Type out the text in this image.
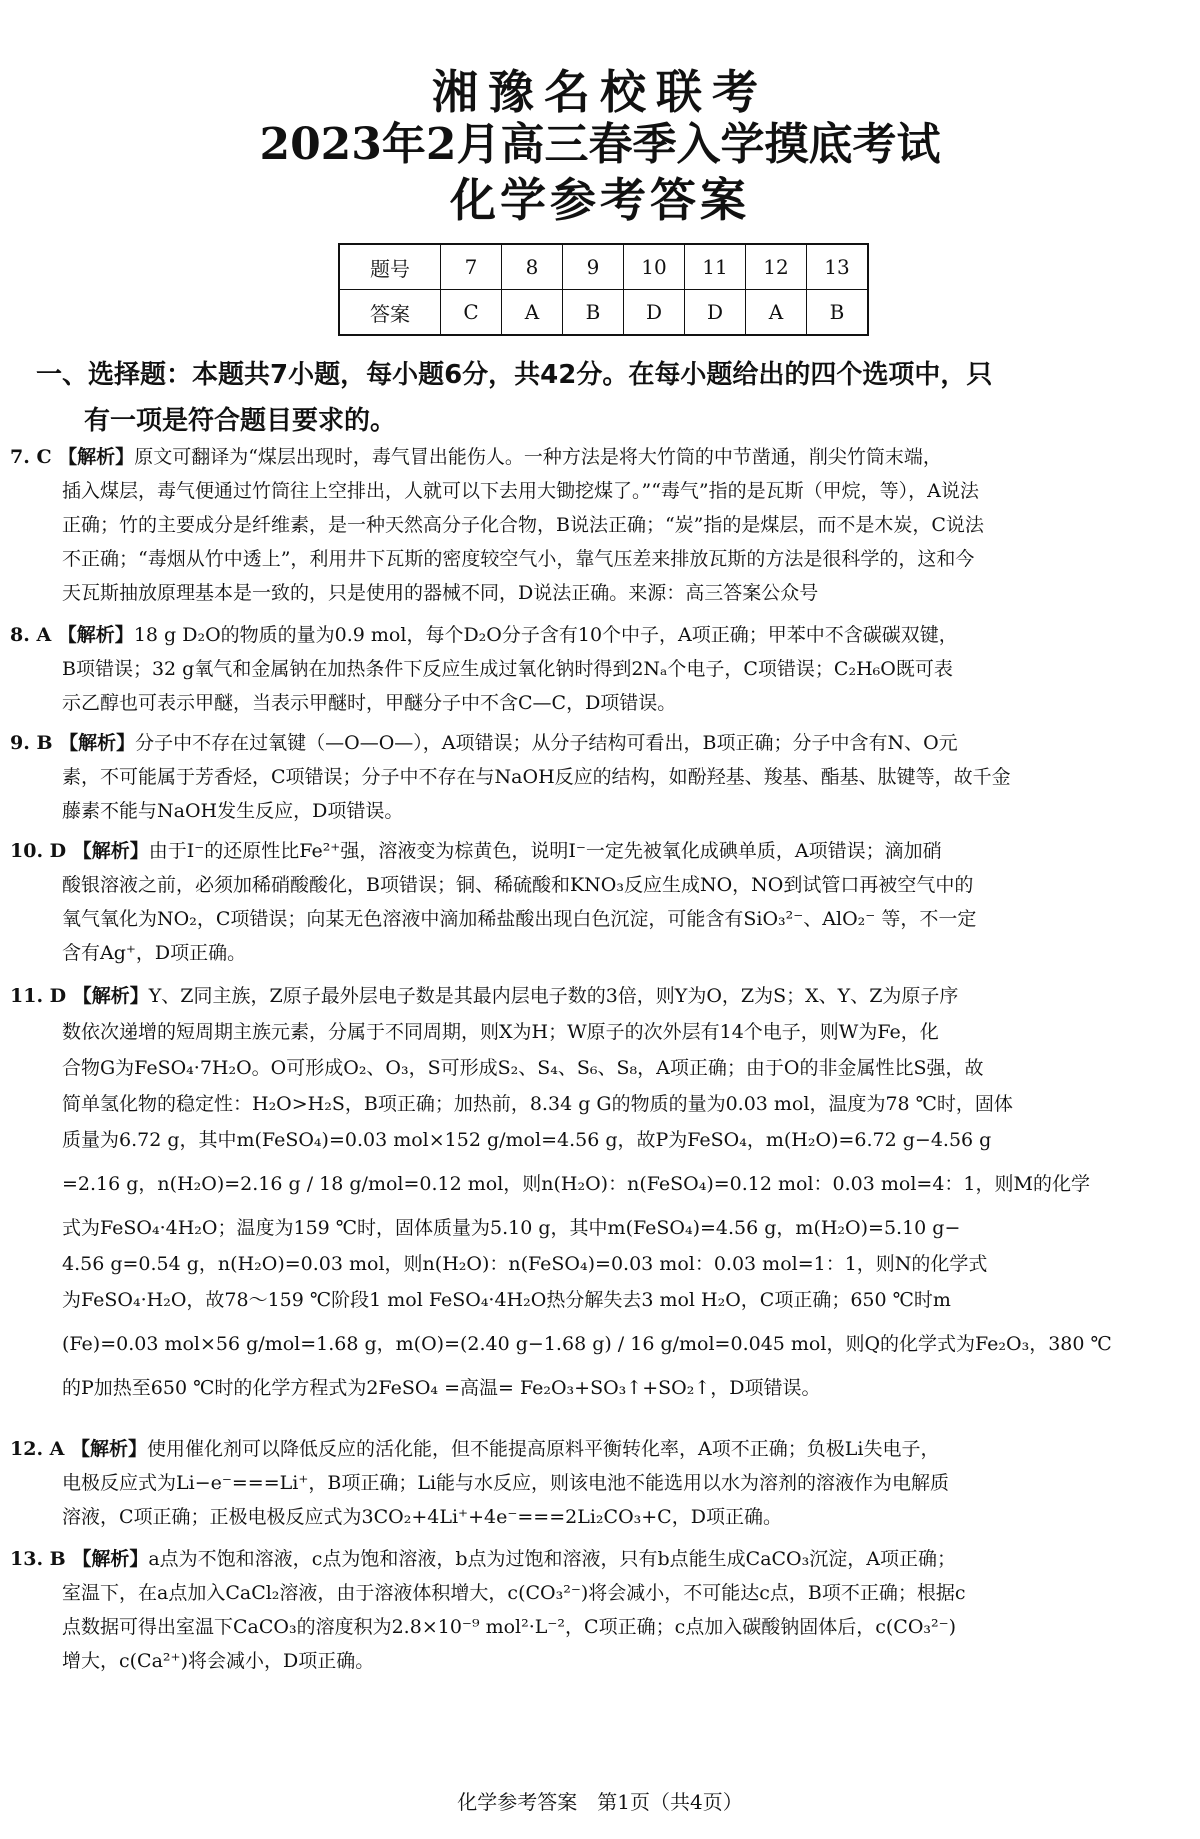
湘豫名校联考
2023年2月高三春季入学摸底考试
化学参考答案
题号	7	8	9	10	11	12	13
答案	C	A	B	D	D	A	B
一、选择题：本题共7小题，每小题6分，共42分。在每小题给出的四个选项中，只
有一项是符合题目要求的。

7. C 【解析】原文可翻译为“煤层出现时，毒气冒出能伤人。一种方法是将大竹筒的中节凿通，削尖竹筒末端，

插入煤层，毒气便通过竹筒往上空排出，人就可以下去用大锄挖煤了。”“毒气”指的是瓦斯（甲烷，等），A说法

正确；竹的主要成分是纤维素，是一种天然高分子化合物，B说法正确；“炭”指的是煤层，而不是木炭，C说法

不正确；“毒烟从竹中透上”，利用井下瓦斯的密度较空气小，靠气压差来排放瓦斯的方法是很科学的，这和今

天瓦斯抽放原理基本是一致的，只是使用的器械不同，D说法正确。来源：高三答案公众号

8. A 【解析】18 g D₂O的物质的量为0.9 mol，每个D₂O分子含有10个中子，A项正确；甲苯中不含碳碳双键，

B项错误；32 g氧气和金属钠在加热条件下反应生成过氧化钠时得到2Nₐ个电子，C项错误；C₂H₆O既可表

示乙醇也可表示甲醚，当表示甲醚时，甲醚分子中不含C—C，D项错误。

9. B 【解析】分子中不存在过氧键（—O—O—），A项错误；从分子结构可看出，B项正确；分子中含有N、O元

素，不可能属于芳香烃，C项错误；分子中不存在与NaOH反应的结构，如酚羟基、羧基、酯基、肽键等，故千金

藤素不能与NaOH发生反应，D项错误。

10. D 【解析】由于I⁻的还原性比Fe²⁺强，溶液变为棕黄色，说明I⁻一定先被氧化成碘单质，A项错误；滴加硝

酸银溶液之前，必须加稀硝酸酸化，B项错误；铜、稀硫酸和KNO₃反应生成NO，NO到试管口再被空气中的

氧气氧化为NO₂，C项错误；向某无色溶液中滴加稀盐酸出现白色沉淀，可能含有SiO₃²⁻、AlO₂⁻ 等，不一定

含有Ag⁺，D项正确。

11. D 【解析】Y、Z同主族，Z原子最外层电子数是其最内层电子数的3倍，则Y为O，Z为S；X、Y、Z为原子序

数依次递增的短周期主族元素，分属于不同周期，则X为H；W原子的次外层有14个电子，则W为Fe，化

合物G为FeSO₄·7H₂O。O可形成O₂、O₃，S可形成S₂、S₄、S₆、S₈，A项正确；由于O的非金属性比S强，故

简单氢化物的稳定性：H₂O>H₂S，B项正确；加热前，8.34 g G的物质的量为0.03 mol，温度为78 ℃时，固体

质量为6.72 g，其中m(FeSO₄)=0.03 mol×152 g/mol=4.56 g，故P为FeSO₄，m(H₂O)=6.72 g−4.56 g

=2.16 g，n(H₂O)=2.16 g / 18 g/mol=0.12 mol，则n(H₂O)：n(FeSO₄)=0.12 mol：0.03 mol=4：1，则M的化学

式为FeSO₄·4H₂O；温度为159 ℃时，固体质量为5.10 g，其中m(FeSO₄)=4.56 g，m(H₂O)=5.10 g−

4.56 g=0.54 g，n(H₂O)=0.03 mol，则n(H₂O)：n(FeSO₄)=0.03 mol：0.03 mol=1：1，则N的化学式

为FeSO₄·H₂O，故78～159 ℃阶段1 mol FeSO₄·4H₂O热分解失去3 mol H₂O，C项正确；650 ℃时m

(Fe)=0.03 mol×56 g/mol=1.68 g，m(O)=(2.40 g−1.68 g) / 16 g/mol=0.045 mol，则Q的化学式为Fe₂O₃，380 ℃

的P加热至650 ℃时的化学方程式为2FeSO₄ =高温= Fe₂O₃+SO₃↑+SO₂↑，D项错误。

12. A 【解析】使用催化剂可以降低反应的活化能，但不能提高原料平衡转化率，A项不正确；负极Li失电子，

电极反应式为Li−e⁻===Li⁺，B项正确；Li能与水反应，则该电池不能选用以水为溶剂的溶液作为电解质

溶液，C项正确；正极电极反应式为3CO₂+4Li⁺+4e⁻===2Li₂CO₃+C，D项正确。

13. B 【解析】a点为不饱和溶液，c点为饱和溶液，b点为过饱和溶液，只有b点能生成CaCO₃沉淀，A项正确；

室温下，在a点加入CaCl₂溶液，由于溶液体积增大，c(CO₃²⁻)将会减小，不可能达c点，B项不正确；根据c

点数据可得出室温下CaCO₃的溶度积为2.8×10⁻⁹ mol²·L⁻²，C项正确；c点加入碳酸钠固体后，c(CO₃²⁻)

增大，c(Ca²⁺)将会减小，D项正确。

化学参考答案　第1页（共4页）
